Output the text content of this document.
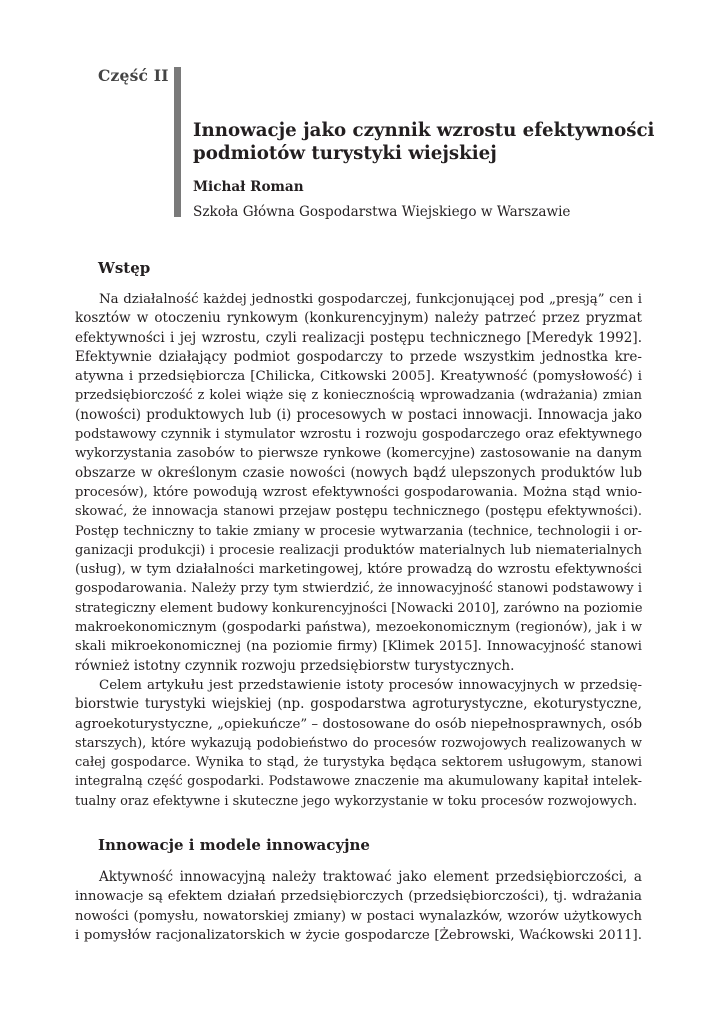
Część II
Innowacje jako czynnik wzrostu efektywności
podmiotów turystyki wiejskiej
Michał Roman
Szkoła Główna Gospodarstwa Wiejskiego w Warszawie
Wstęp
Na działalność każdej jednostki gospodarczej, funkcjonującej pod „presją” cen i
kosztów w otoczeniu rynkowym (konkurencyjnym) należy patrzeć przez pryzmat
efektywności i jej wzrostu, czyli realizacji postępu technicznego [Meredyk 1992].
Efektywnie działający podmiot gospodarczy to przede wszystkim jednostka kre-
atywna i przedsiębiorcza [Chilicka, Citkowski 2005]. Kreatywność (pomysłowość) i
przedsiębiorczość z kolei wiąże się z koniecznością wprowadzania (wdrażania) zmian
(nowości) produktowych lub (i) procesowych w postaci innowacji. Innowacja jako
podstawowy czynnik i stymulator wzrostu i rozwoju gospodarczego oraz efektywnego
wykorzystania zasobów to pierwsze rynkowe (komercyjne) zastosowanie na danym
obszarze w określonym czasie nowości (nowych bądź ulepszonych produktów lub
procesów), które powodują wzrost efektywności gospodarowania. Można stąd wnio-
skować, że innowacja stanowi przejaw postępu technicznego (postępu efektywności).
Postęp techniczny to takie zmiany w procesie wytwarzania (technice, technologii i or-
ganizacji produkcji) i procesie realizacji produktów materialnych lub niematerialnych
(usług), w tym działalności marketingowej, które prowadzą do wzrostu efektywności
gospodarowania. Należy przy tym stwierdzić, że innowacyjność stanowi podstawowy i
strategiczny element budowy konkurencyjności [Nowacki 2010], zarówno na poziomie
makroekonomicznym (gospodarki państwa), mezoekonomicznym (regionów), jak i w
skali mikroekonomicznej (na poziomie firmy) [Klimek 2015]. Innowacyjność stanowi
również istotny czynnik rozwoju przedsiębiorstw turystycznych.
Celem artykułu jest przedstawienie istoty procesów innowacyjnych w przedsię-
biorstwie turystyki wiejskiej (np. gospodarstwa agroturystyczne, ekoturystyczne,
agroekoturystyczne, „opiekuńcze” – dostosowane do osób niepełnosprawnych, osób
starszych), które wykazują podobieństwo do procesów rozwojowych realizowanych w
całej gospodarce. Wynika to stąd, że turystyka będąca sektorem usługowym, stanowi
integralną część gospodarki. Podstawowe znaczenie ma akumulowany kapitał intelek-
tualny oraz efektywne i skuteczne jego wykorzystanie w toku procesów rozwojowych.
Innowacje i modele innowacyjne
Aktywność innowacyjną należy traktować jako element przedsiębiorczości, a
innowacje są efektem działań przedsiębiorczych (przedsiębiorczości), tj. wdrażania
nowości (pomysłu, nowatorskiej zmiany) w postaci wynalazków, wzorów użytkowych
i pomysłów racjonalizatorskich w życie gospodarcze [Żebrowski, Waćkowski 2011].
